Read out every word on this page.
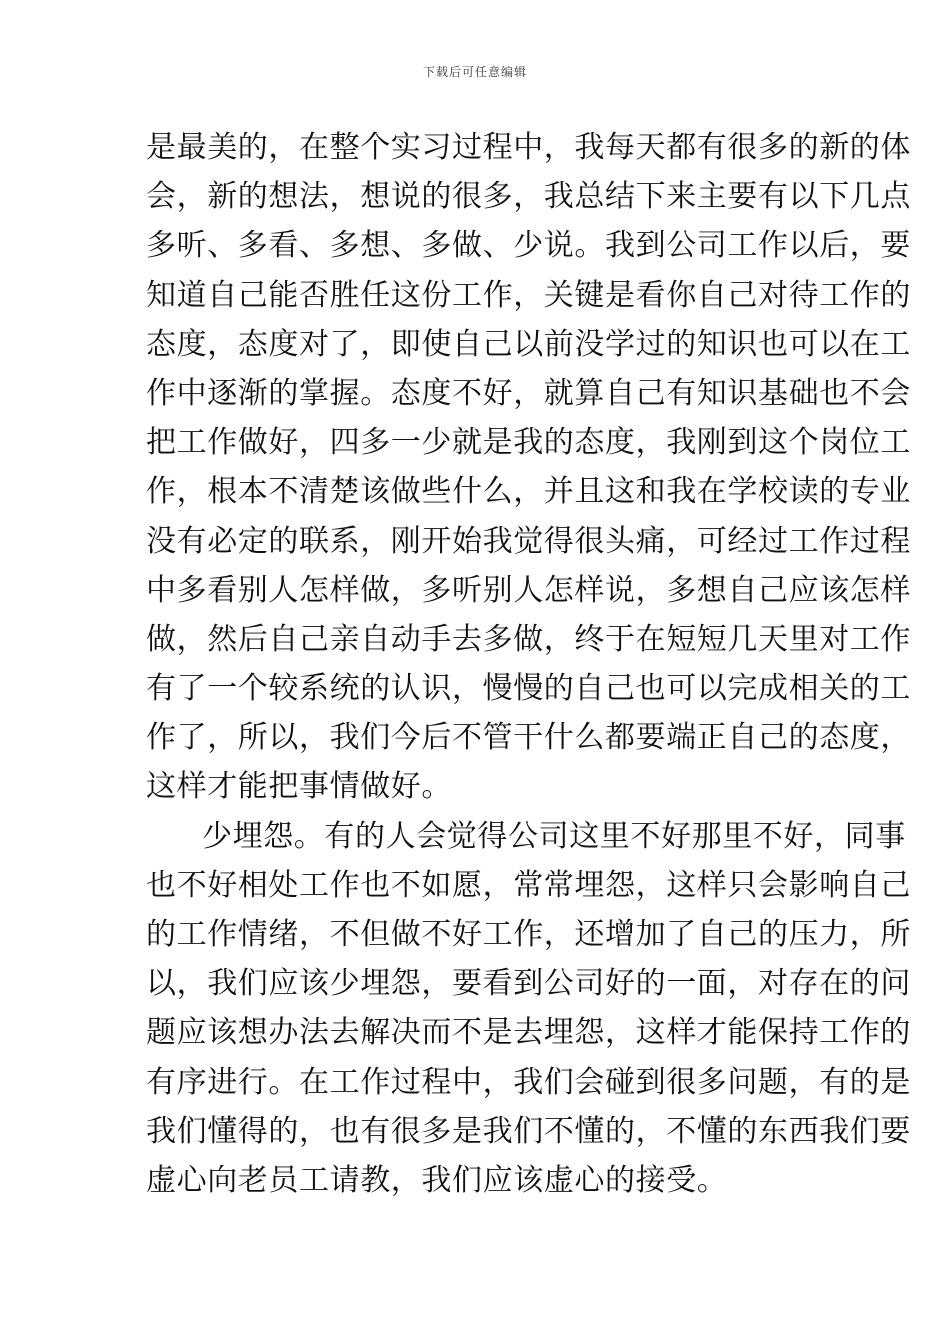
下载后可任意编辑
是最美的，在整个实习过程中，我每天都有很多的新的体
会，新的想法，想说的很多，我总结下来主要有以下几点
多听、多看、多想、多做、少说。我到公司工作以后，要
知道自己能否胜任这份工作，关键是看你自己对待工作的
态度，态度对了，即使自己以前没学过的知识也可以在工
作中逐渐的掌握。态度不好，就算自己有知识基础也不会
把工作做好，四多一少就是我的态度，我刚到这个岗位工
作，根本不清楚该做些什么，并且这和我在学校读的专业
没有必定的联系，刚开始我觉得很头痛，可经过工作过程
中多看别人怎样做，多听别人怎样说，多想自己应该怎样
做，然后自己亲自动手去多做，终于在短短几天里对工作
有了一个较系统的认识，慢慢的自己也可以完成相关的工
作了，所以，我们今后不管干什么都要端正自己的态度，
这样才能把事情做好。
少埋怨。有的人会觉得公司这里不好那里不好，同事
也不好相处工作也不如愿，常常埋怨，这样只会影响自己
的工作情绪，不但做不好工作，还增加了自己的压力，所
以，我们应该少埋怨，要看到公司好的一面，对存在的问
题应该想办法去解决而不是去埋怨，这样才能保持工作的
有序进行。在工作过程中，我们会碰到很多问题，有的是
我们懂得的，也有很多是我们不懂的，不懂的东西我们要
虚心向老员工请教，我们应该虚心的接受。
